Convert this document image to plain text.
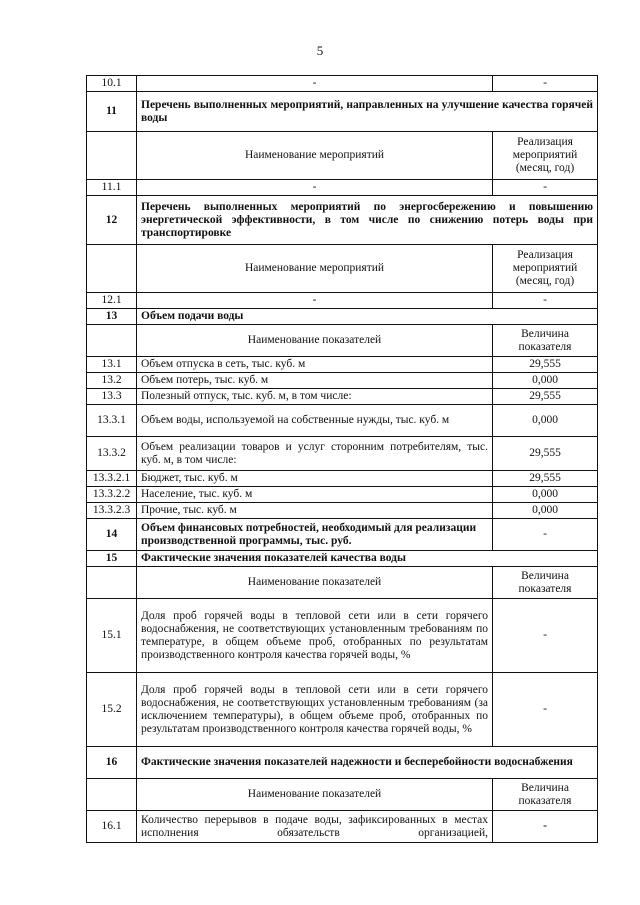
5
10.1	-	-
11	Перечень выполненных мероприятий, направленных на улучшение качества горячей воды	
	Наименование мероприятий	Реализация мероприятий (месяц, год)
11.1	-	-
12	Перечень выполненных мероприятий по энергосбережению и повышению энергетической эффективности, в том числе по снижению потерь воды при транспортировке	
	Наименование мероприятий	Реализация мероприятий (месяц, год)
12.1	-	-
13	Объем подачи воды	
	Наименование показателей	Величина показателя
13.1	Объем отпуска в сеть, тыс. куб. м	29,555
13.2	Объем потерь, тыс. куб. м	0,000
13.3	Полезный отпуск, тыс. куб. м, в том числе:	29,555
13.3.1	Объем воды, используемой на собственные нужды, тыс. куб. м	0,000
13.3.2	Объем реализации товаров и услуг сторонним потребителям, тыс. куб. м, в том числе:	29,555
13.3.2.1	Бюджет, тыс. куб. м	29,555
13.3.2.2	Население, тыс. куб. м	0,000
13.3.2.3	Прочие, тыс. куб. м	0,000
14	Объем финансовых потребностей, необходимый для реализации производственной программы, тыс. руб.	-
15	Фактические значения показателей качества воды	
	Наименование показателей	Величина показателя
15.1	Доля проб горячей воды в тепловой сети или в сети горячего водоснабжения, не соответствующих установленным требованиям по температуре, в общем объеме проб, отобранных по результатам производственного контроля качества горячей воды, %	-
15.2	Доля проб горячей воды в тепловой сети или в сети горячего водоснабжения, не соответствующих установленным требованиям (за исключением температуры), в общем объеме проб, отобранных по результатам производственного контроля качества горячей воды, %	-
16	Фактические значения показателей надежности и бесперебойности водоснабжения	
	Наименование показателей	Величина показателя
16.1	Количество перерывов в подаче воды, зафиксированных в местах исполнения обязательств организацией,	-
